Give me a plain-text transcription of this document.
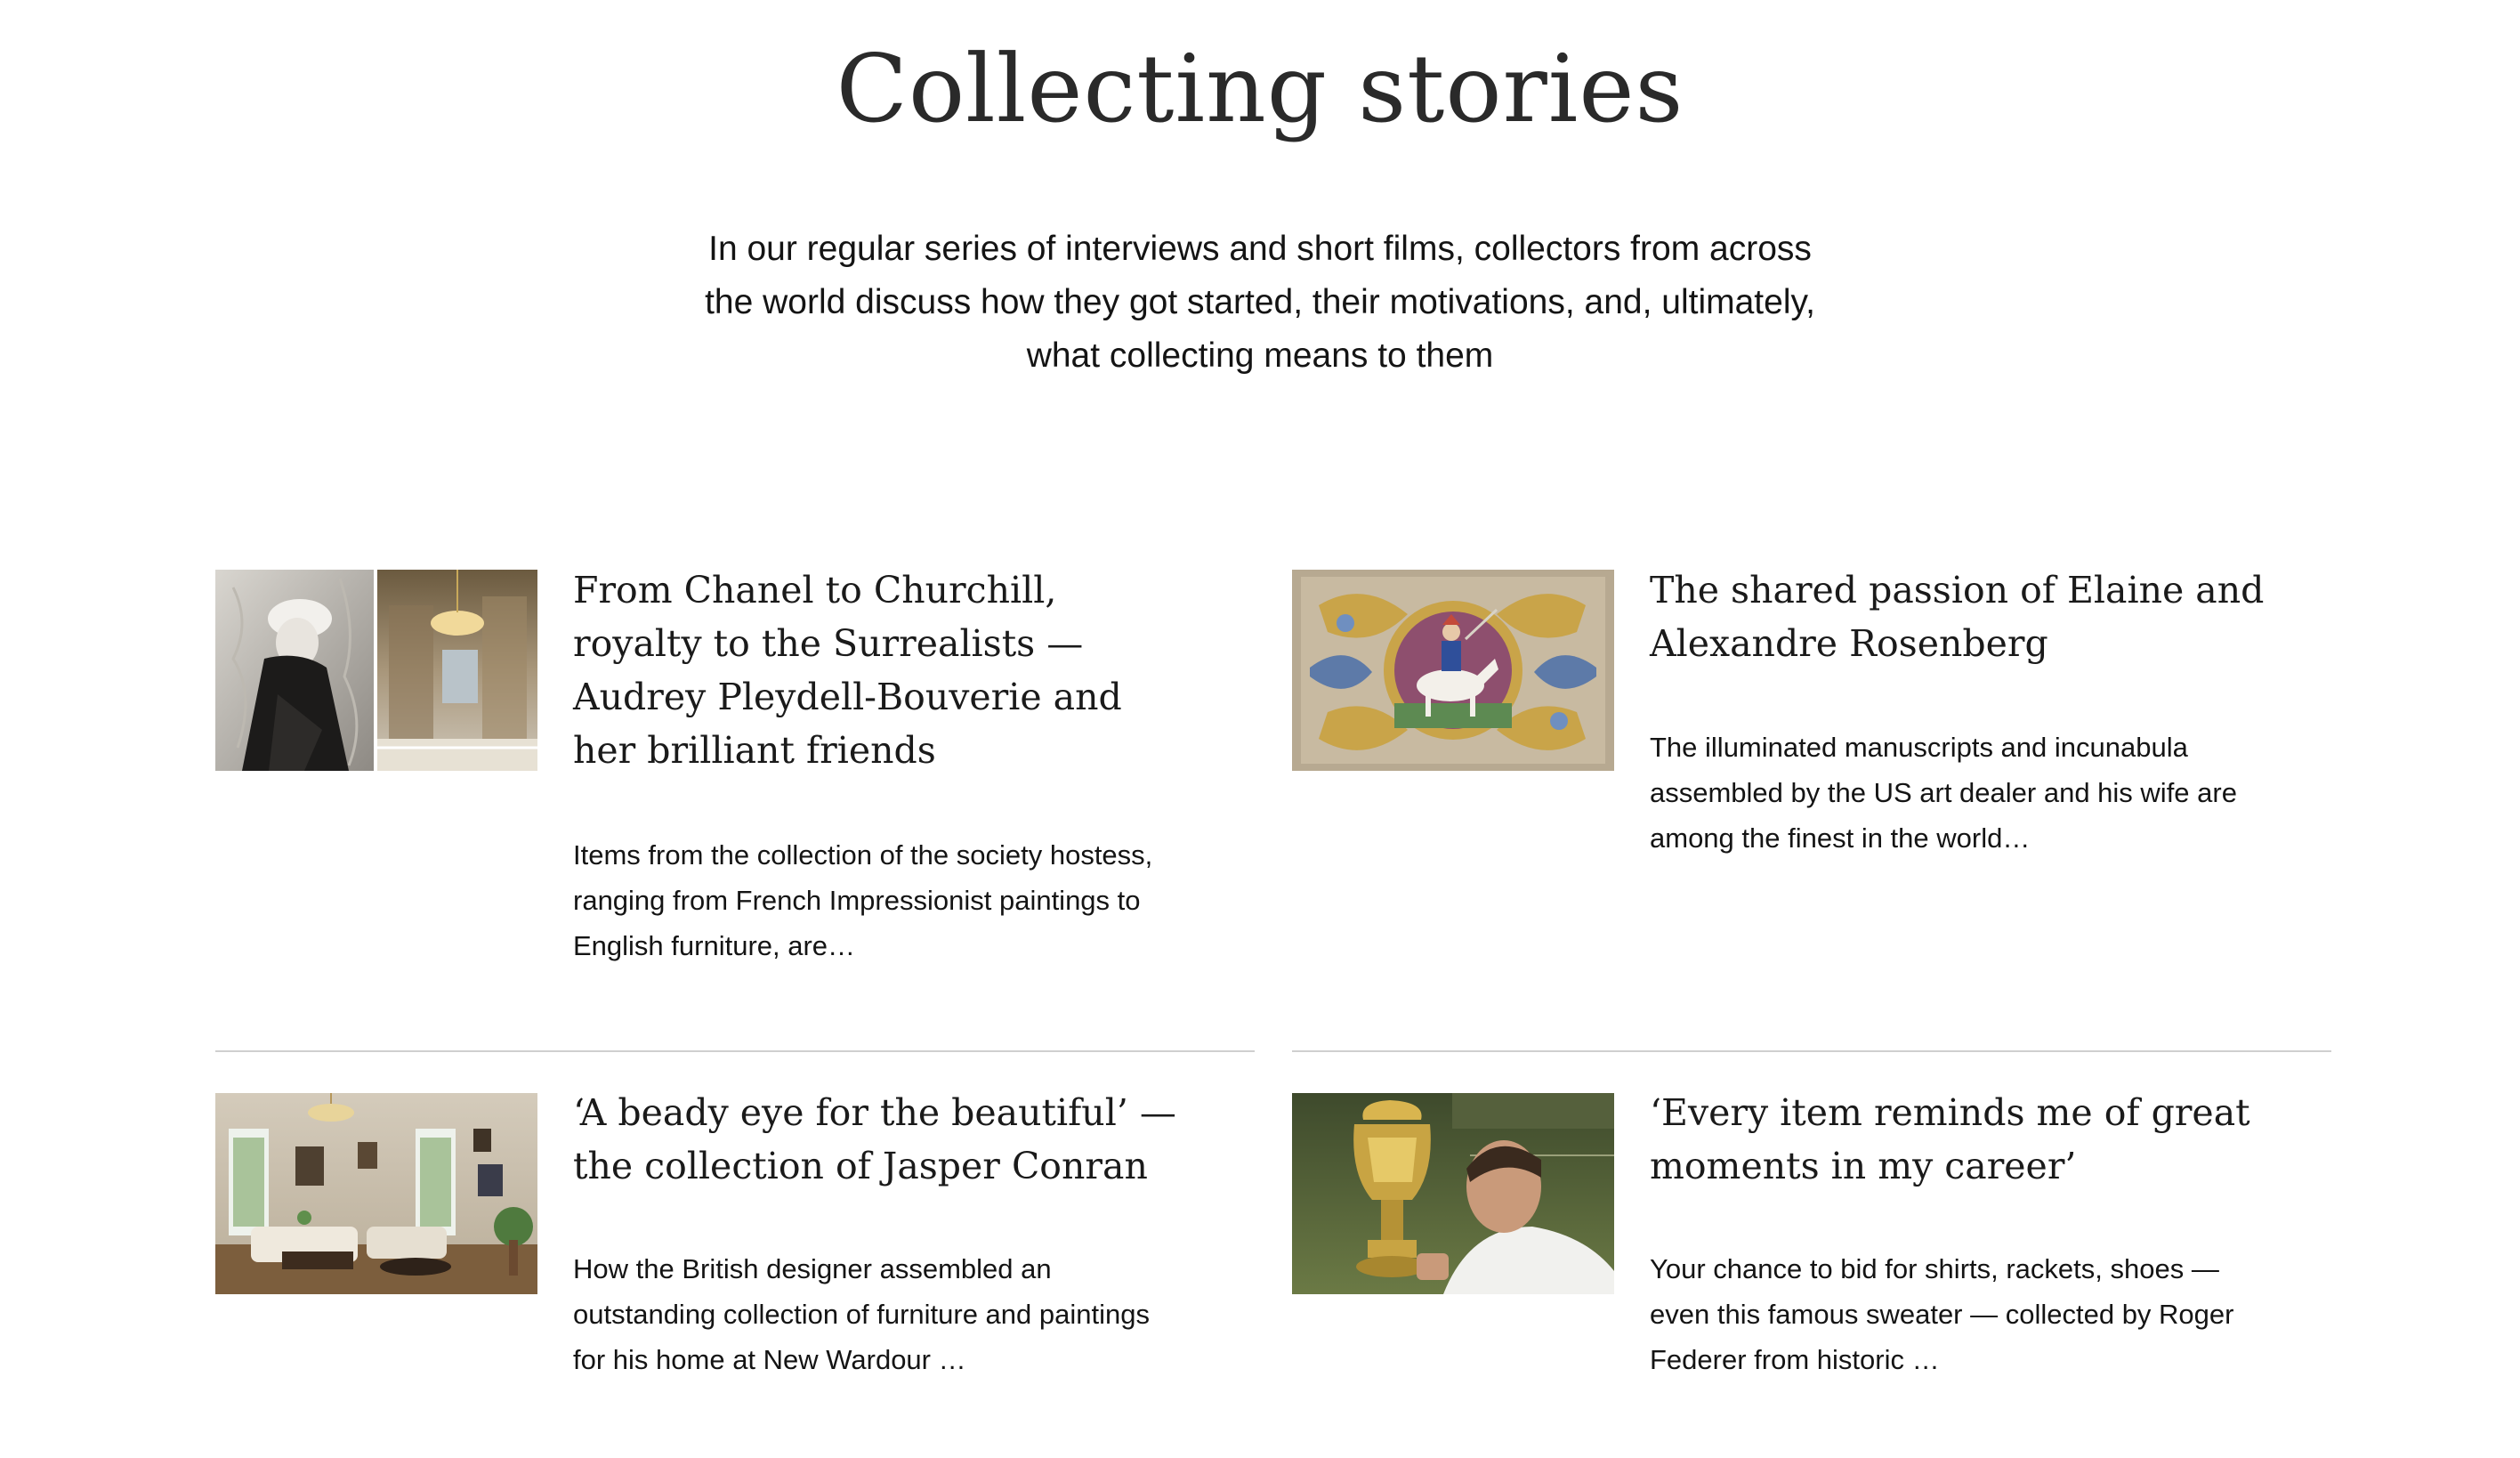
Collecting stories

In our regular series of interviews and short films, collectors from across the world discuss how they got started, their motivations, and, ultimately, what collecting means to them

From Chanel to Churchill, royalty to the Surrealists — Audrey Pleydell-Bouverie and her brilliant friends

Items from the collection of the society hostess, ranging from French Impressionist paintings to English furniture, are…

The shared passion of Elaine and Alexandre Rosenberg

The illuminated manuscripts and incunabula assembled by the US art dealer and his wife are among the finest in the world…

‘A beady eye for the beautiful’ — the collection of Jasper Conran

How the British designer assembled an outstanding collection of furniture and paintings for his home at New Wardour …

‘Every item reminds me of great moments in my career’

Your chance to bid for shirts, rackets, shoes — even this famous sweater — collected by Roger Federer from historic …
